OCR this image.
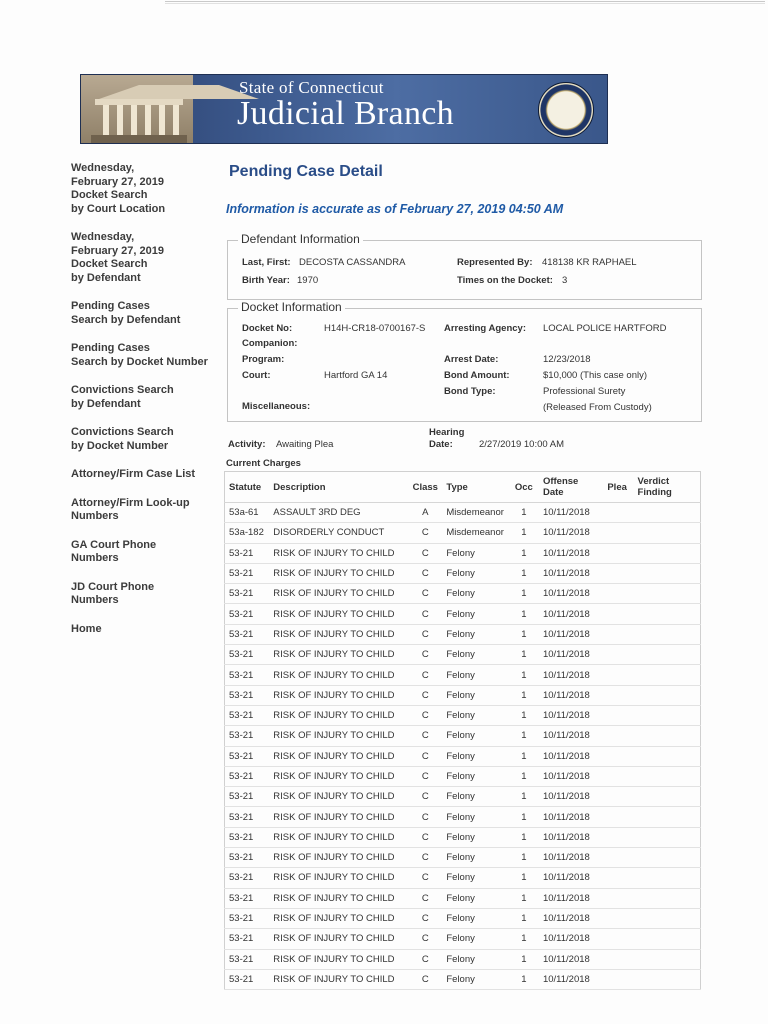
State of Connecticut
Judicial Branch
Wednesday,
February 27, 2019
Docket Search
by Court Location
Wednesday,
February 27, 2019
Docket Search
by Defendant
Pending Cases
Search by Defendant
Pending Cases
Search by Docket Number
Convictions Search
by Defendant
Convictions Search
by Docket Number
Attorney/Firm Case List
Attorney/Firm Look-up
Numbers
GA Court Phone
Numbers
JD Court Phone
Numbers
Home
Pending Case Detail
Information is accurate as of February 27, 2019 04:50 AM
Defendant Information
Last, First: DECOSTA CASSANDRA
Birth Year: 1970
Represented By: 418138 KR RAPHAEL
Times on the Docket: 3
Docket Information
Docket No:	H14H-CR18-0700167-S
Companion:
Program:
Court:	Hartford GA 14
Miscellaneous:
Arresting Agency: LOCAL POLICE HARTFORD
Arrest Date:	12/23/2018
Bond Amount:	$10,000 (This case only)
Bond Type:	Professional Surety
(Released From Custody)
Activity: Awaiting Plea
Hearing
Date:	2/27/2019 10:00 AM
Current Charges
Statute	Description	Class	Type	Occ	Offense
Date	Plea	Verdict
Finding
53a-61	ASSAULT 3RD DEG	A	Misdemeanor	1	10/11/2018		
53a-182	DISORDERLY CONDUCT	C	Misdemeanor	1	10/11/2018		
53-21	RISK OF INJURY TO CHILD	C	Felony	1	10/11/2018		
53-21	RISK OF INJURY TO CHILD	C	Felony	1	10/11/2018		
53-21	RISK OF INJURY TO CHILD	C	Felony	1	10/11/2018		
53-21	RISK OF INJURY TO CHILD	C	Felony	1	10/11/2018		
53-21	RISK OF INJURY TO CHILD	C	Felony	1	10/11/2018		
53-21	RISK OF INJURY TO CHILD	C	Felony	1	10/11/2018		
53-21	RISK OF INJURY TO CHILD	C	Felony	1	10/11/2018		
53-21	RISK OF INJURY TO CHILD	C	Felony	1	10/11/2018		
53-21	RISK OF INJURY TO CHILD	C	Felony	1	10/11/2018		
53-21	RISK OF INJURY TO CHILD	C	Felony	1	10/11/2018		
53-21	RISK OF INJURY TO CHILD	C	Felony	1	10/11/2018		
53-21	RISK OF INJURY TO CHILD	C	Felony	1	10/11/2018		
53-21	RISK OF INJURY TO CHILD	C	Felony	1	10/11/2018		
53-21	RISK OF INJURY TO CHILD	C	Felony	1	10/11/2018		
53-21	RISK OF INJURY TO CHILD	C	Felony	1	10/11/2018		
53-21	RISK OF INJURY TO CHILD	C	Felony	1	10/11/2018		
53-21	RISK OF INJURY TO CHILD	C	Felony	1	10/11/2018		
53-21	RISK OF INJURY TO CHILD	C	Felony	1	10/11/2018		
53-21	RISK OF INJURY TO CHILD	C	Felony	1	10/11/2018		
53-21	RISK OF INJURY TO CHILD	C	Felony	1	10/11/2018		
53-21	RISK OF INJURY TO CHILD	C	Felony	1	10/11/2018		
53-21	RISK OF INJURY TO CHILD	C	Felony	1	10/11/2018		
